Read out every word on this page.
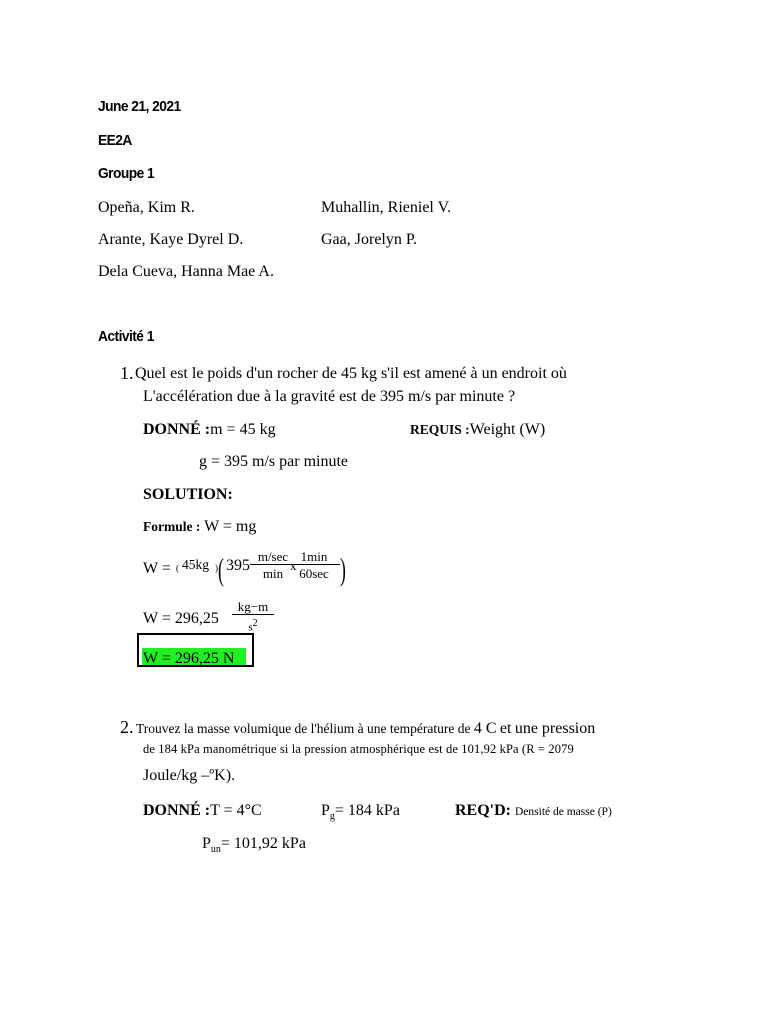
June 21, 2021
EE2A
Groupe 1
Opeña, Kim R.	Muhallin, Rieniel V.
Arante, Kaye Dyrel D.	Gaa, Jorelyn P.
Dela Cueva, Hanna Mae A.
Activité 1
1. Quel est le poids d'un rocher de 45 kg s'il est amené à un endroit où
L'accélération due à la gravité est de 395 m/s par minute ?
DONNÉ :m = 45 kg	REQUIS :Weight (W)
g = 395 m/s par minute
SOLUTION:
Formule : W = mg
W = ( 45kg ) ( 395
m/sec
min
x
1min
60sec )
W = 296,25
kg−m
$s^2$
W = 296,25 N
2. Trouvez la masse volumique de l'hélium à une température de 4 C et une pression
de 184 kPa manométrique si la pression atmosphérique est de 101,92 kPa (R = 2079
Joule/kg –ºK).
DONNÉ :T = 4°C	$P_g= 184$ kPa	REQ'D: Densité de masse (P)
$P_{un}= 101,92$ kPa
